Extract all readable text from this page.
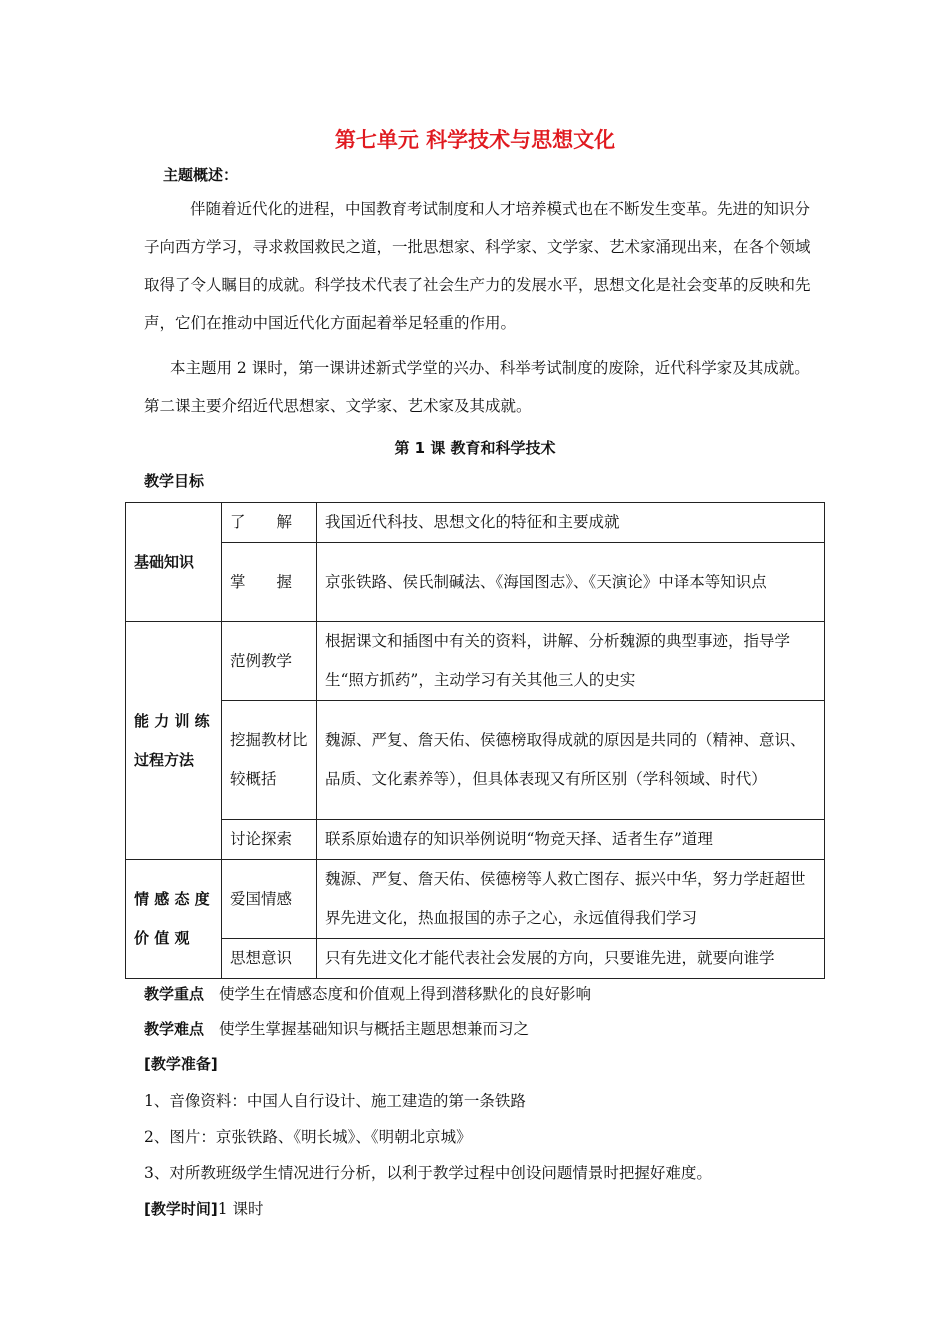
第七单元 科学技术与思想文化
主题概述：
伴随着近代化的进程，中国教育考试制度和人才培养模式也在不断发生变革。先进的知识分子向西方学习，寻求救国救民之道，一批思想家、科学家、文学家、艺术家涌现出来，在各个领域取得了令人瞩目的成就。科学技术代表了社会生产力的发展水平，思想文化是社会变革的反映和先声，它们在推动中国近代化方面起着举足轻重的作用。
本主题用 2 课时，第一课讲述新式学堂的兴办、科举考试制度的废除，近代科学家及其成就。第二课主要介绍近代思想家、文学家、艺术家及其成就。
第 1 课 教育和科学技术
教学目标
基础知识	了　　解	我国近代科技、思想文化的特征和主要成就
	掌　　握	京张铁路、侯氏制碱法、《海国图志》、《天演论》中译本等知识点
能 力 训 练 过程方法	范例教学	根据课文和插图中有关的资料，讲解、分析魏源的典型事迹，指导学生“照方抓药”，主动学习有关其他三人的史实
	挖掘教材比较概括	魏源、严复、詹天佑、侯德榜取得成就的原因是共同的（精神、意识、品质、文化素养等），但具体表现又有所区别（学科领域、时代）
	讨论探索	联系原始遗存的知识举例说明“物竞天择、适者生存”道理
情 感 态 度 价 值 观	爱国情感	魏源、严复、詹天佑、侯德榜等人救亡图存、振兴中华，努力学赶超世界先进文化，热血报国的赤子之心，永远值得我们学习
	思想意识	只有先进文化才能代表社会发展的方向，只要谁先进，就要向谁学
教学重点 使学生在情感态度和价值观上得到潜移默化的良好影响
教学难点 使学生掌握基础知识与概括主题思想兼而习之
[教学准备]
1、音像资料：中国人自行设计、施工建造的第一条铁路
2、图片：京张铁路、《明长城》、《明朝北京城》
3、对所教班级学生情况进行分析，以利于教学过程中创设问题情景时把握好难度。
[教学时间]1 课时
